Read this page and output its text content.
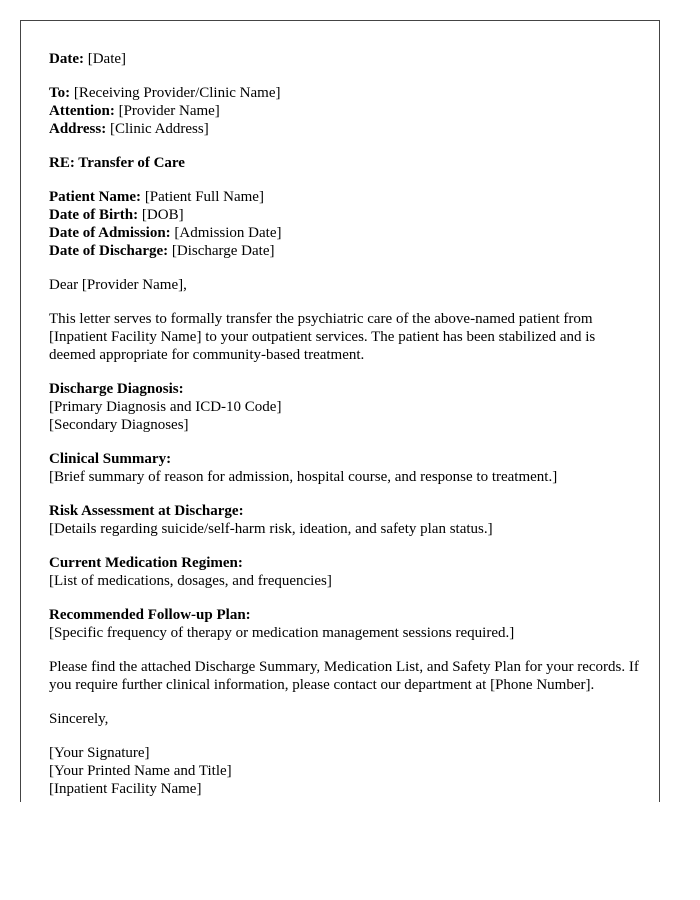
Date: [Date]
To: [Receiving Provider/Clinic Name]
Attention: [Provider Name]
Address: [Clinic Address]
RE: Transfer of Care
Patient Name: [Patient Full Name]
Date of Birth: [DOB]
Date of Admission: [Admission Date]
Date of Discharge: [Discharge Date]
Dear [Provider Name],
This letter serves to formally transfer the psychiatric care of the above-named patient from [Inpatient Facility Name] to your outpatient services. The patient has been stabilized and is deemed appropriate for community-based treatment.
Discharge Diagnosis:
[Primary Diagnosis and ICD-10 Code]
[Secondary Diagnoses]
Clinical Summary:
[Brief summary of reason for admission, hospital course, and response to treatment.]
Risk Assessment at Discharge:
[Details regarding suicide/self-harm risk, ideation, and safety plan status.]
Current Medication Regimen:
[List of medications, dosages, and frequencies]
Recommended Follow-up Plan:
[Specific frequency of therapy or medication management sessions required.]
Please find the attached Discharge Summary, Medication List, and Safety Plan for your records. If you require further clinical information, please contact our department at [Phone Number].
Sincerely,
[Your Signature]
[Your Printed Name and Title]
[Inpatient Facility Name]
